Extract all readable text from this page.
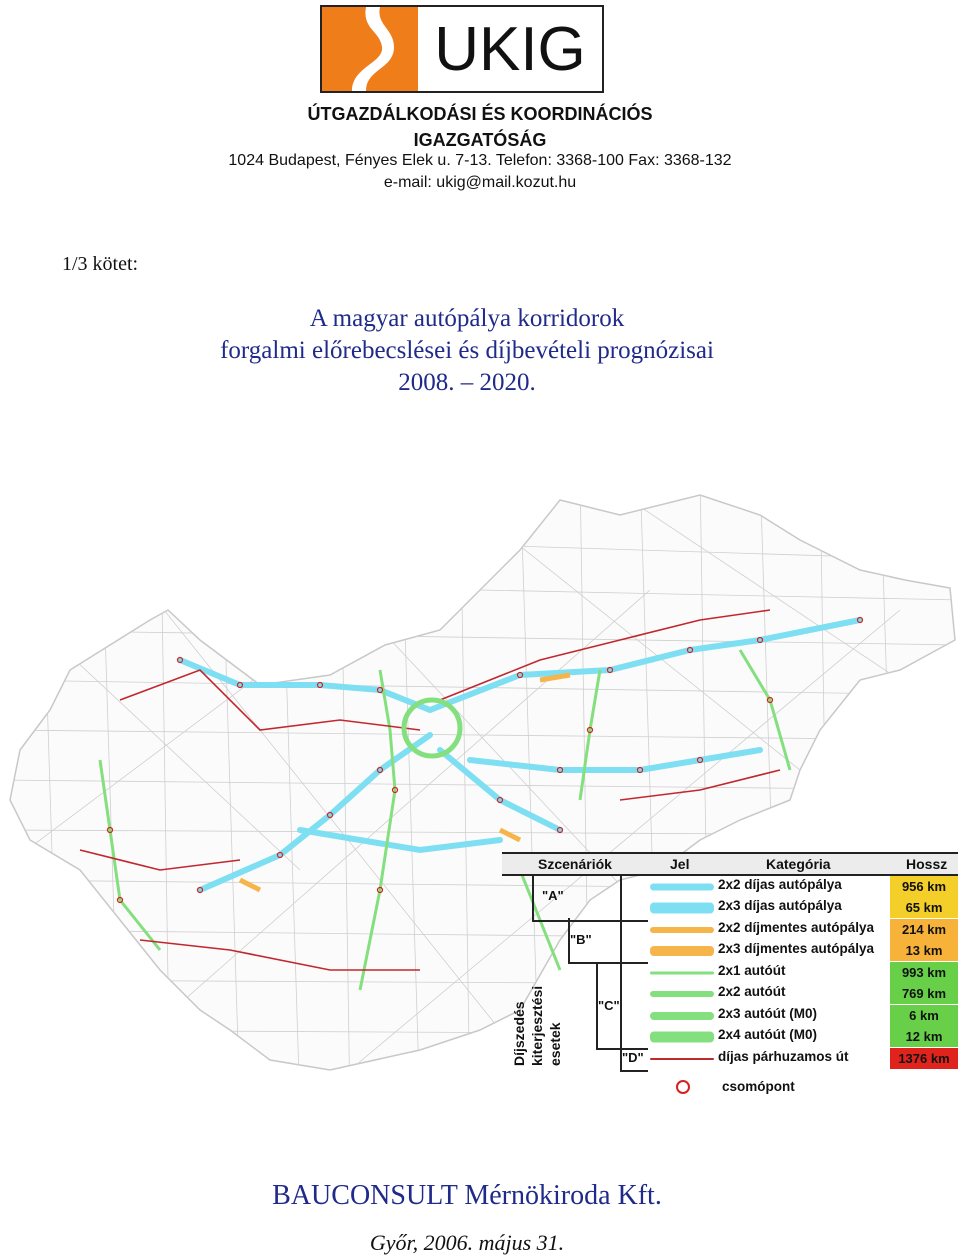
UKIG
ÚTGAZDÁLKODÁSI ÉS KOORDINÁCIÓS
IGAZGATÓSÁG
1024 Budapest, Fényes Elek u. 7-13. Telefon: 3368-100 Fax: 3368-132
e-mail: ukig@mail.kozut.hu
1/3 kötet:
A magyar autópálya korridorok
forgalmi előrebecslései és díjbevételi prognózisai
2008. – 2020.
Szcenáriók	Jel	Kategória	Hossz
"A"
"B"
"C"
"D"
Díjszedés kiterjesztési esetek
2x2 díjas autópálya	956 km
2x3 díjas autópálya	65 km
2x2 díjmentes autópálya	214 km
2x3 díjmentes autópálya	13 km
2x1 autóút	993 km
2x2 autóút	769 km
2x3 autóút (M0)	6 km
2x4 autóút (M0)	12 km
díjas párhuzamos út	1376 km
csomópont
BAUCONSULT Mérnökiroda Kft.
Győr, 2006. május 31.
